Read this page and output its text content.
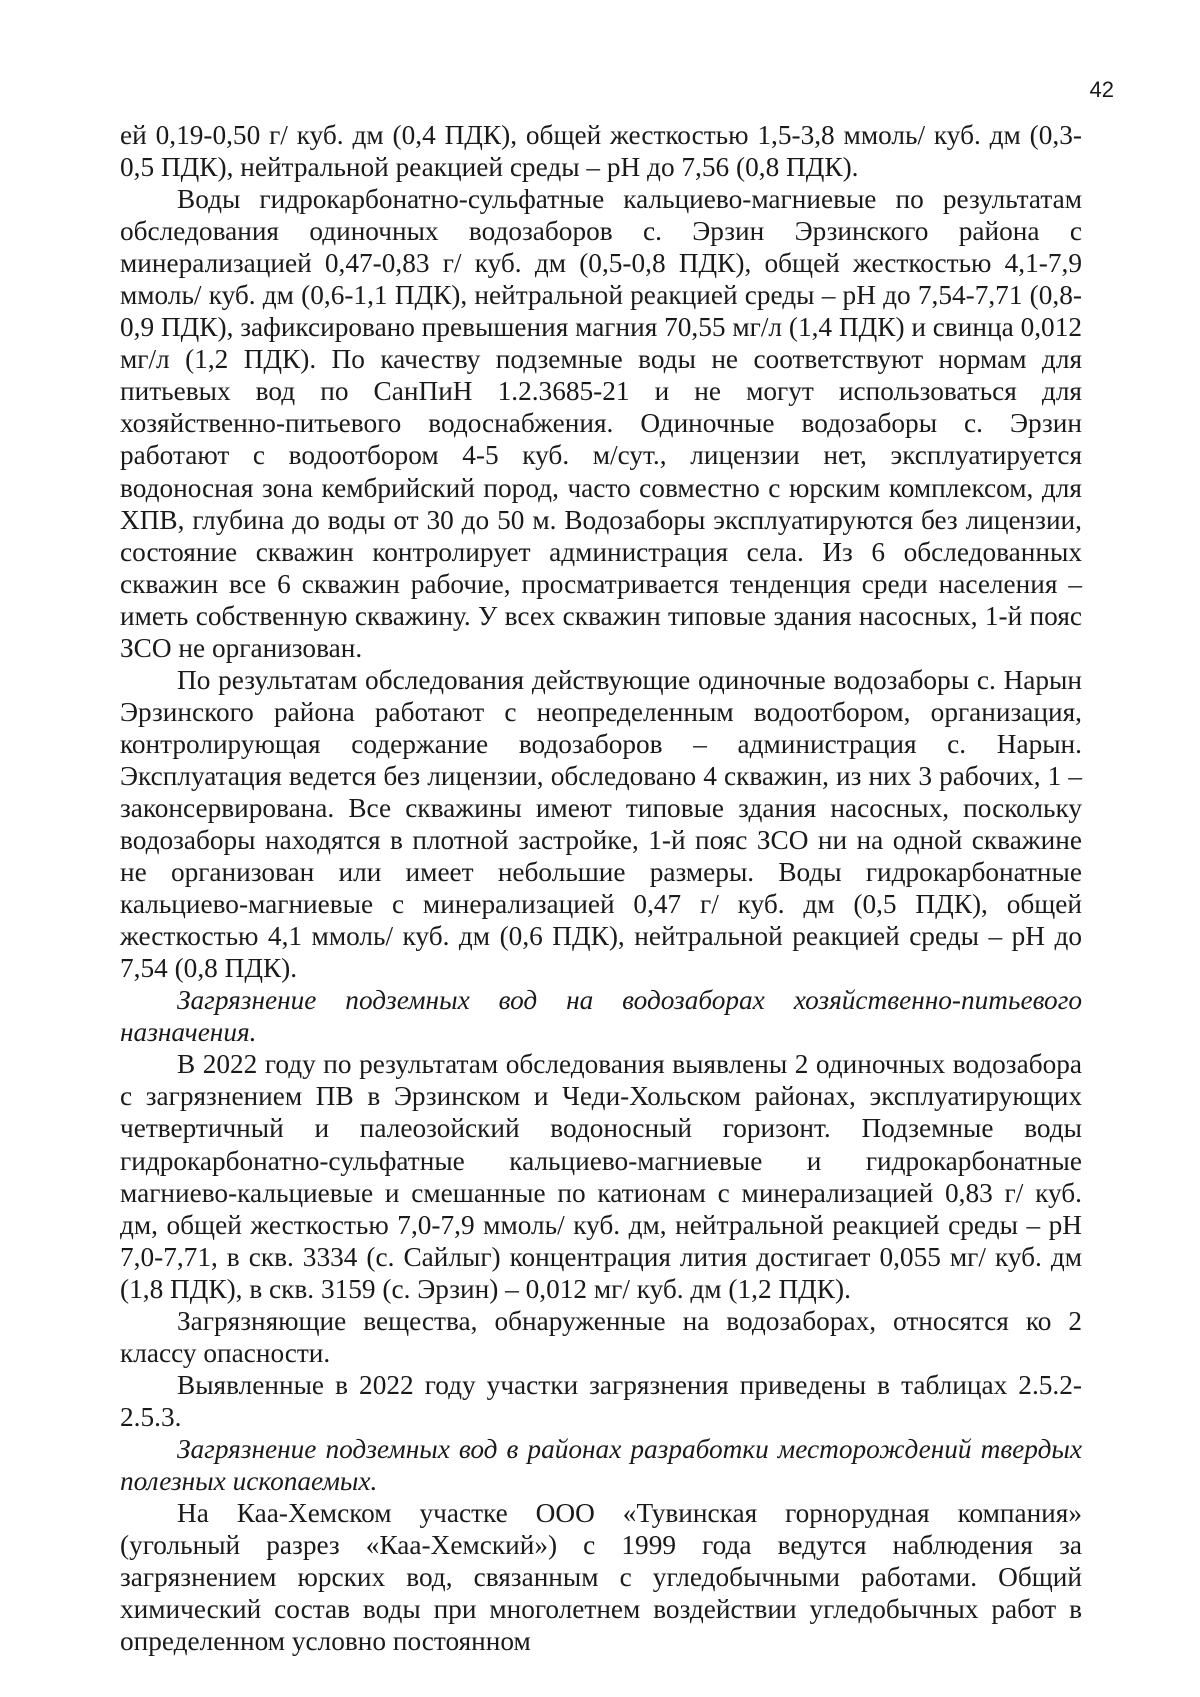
42

ей 0,19-0,50 г/ куб. дм (0,4 ПДК), общей жесткостью 1,5-3,8 ммоль/ куб. дм (0,3-0,5 ПДК), нейтральной реакцией среды – pH до 7,56 (0,8 ПДК).

Воды гидрокарбонатно-сульфатные кальциево-магниевые по результатам обследования одиночных водозаборов с. Эрзин Эрзинского района с минерализацией 0,47-0,83 г/ куб. дм (0,5-0,8 ПДК), общей жесткостью 4,1-7,9 ммоль/ куб. дм (0,6-1,1 ПДК), нейтральной реакцией среды – pH до 7,54-7,71 (0,8-0,9 ПДК), зафиксировано превышения магния 70,55 мг/л (1,4 ПДК) и свинца 0,012 мг/л (1,2 ПДК). По качеству подземные воды не соответствуют нормам для питьевых вод по СанПиН 1.2.3685-21 и не могут использоваться для хозяйственно-питьевого водоснабжения. Одиночные водозаборы с. Эрзин работают с водоотбором 4-5 куб. м/сут., лицензии нет, эксплуатируется водоносная зона кембрийский пород, часто совместно с юрским комплексом, для ХПВ, глубина до воды от 30 до 50 м. Водозаборы эксплуатируются без лицензии, состояние скважин контролирует администрация села. Из 6 обследованных скважин все 6 скважин рабочие, просматривается тенденция среди населения – иметь собственную скважину. У всех скважин типовые здания насосных, 1-й пояс ЗСО не организован.

По результатам обследования действующие одиночные водозаборы с. Нарын Эрзинского района работают с неопределенным водоотбором, организация, контролирующая содержание водозаборов – администрация с. Нарын. Эксплуатация ведется без лицензии, обследовано 4 скважин, из них 3 рабочих, 1 – законсервирована. Все скважины имеют типовые здания насосных, поскольку водозаборы находятся в плотной застройке, 1-й пояс ЗСО ни на одной скважине не организован или имеет небольшие размеры. Воды гидрокарбонатные кальциево-магниевые с минерализацией 0,47 г/ куб. дм (0,5 ПДК), общей жесткостью 4,1 ммоль/ куб. дм (0,6 ПДК), нейтральной реакцией среды – pH до 7,54 (0,8 ПДК).

Загрязнение подземных вод на водозаборах хозяйственно-питьевого назначения.

В 2022 году по результатам обследования выявлены 2 одиночных водозабора с загрязнением ПВ в Эрзинском и Чеди-Хольском районах, эксплуатирующих четвертичный и палеозойский водоносный горизонт. Подземные воды гидрокарбонатно-сульфатные кальциево-магниевые и гидрокарбонатные магниево-кальциевые и смешанные по катионам с минерализацией 0,83 г/ куб. дм, общей жесткостью 7,0-7,9 ммоль/ куб. дм, нейтральной реакцией среды – pH 7,0-7,71, в скв. 3334 (с. Сайлыг) концентрация лития достигает 0,055 мг/ куб. дм (1,8 ПДК), в скв. 3159 (с. Эрзин) – 0,012 мг/ куб. дм (1,2 ПДК).

Загрязняющие вещества, обнаруженные на водозаборах, относятся ко 2 классу опасности.

Выявленные в 2022 году участки загрязнения приведены в таблицах 2.5.2-2.5.3.

Загрязнение подземных вод в районах разработки месторождений твердых полезных ископаемых.

На Каа-Хемском участке ООО «Тувинская горнорудная компания» (угольный разрез «Каа-Хемский») с 1999 года ведутся наблюдения за загрязнением юрских вод, связанным с угледобычными работами. Общий химический состав воды при многолетнем воздействии угледобычных работ в определенном условно постоянном
